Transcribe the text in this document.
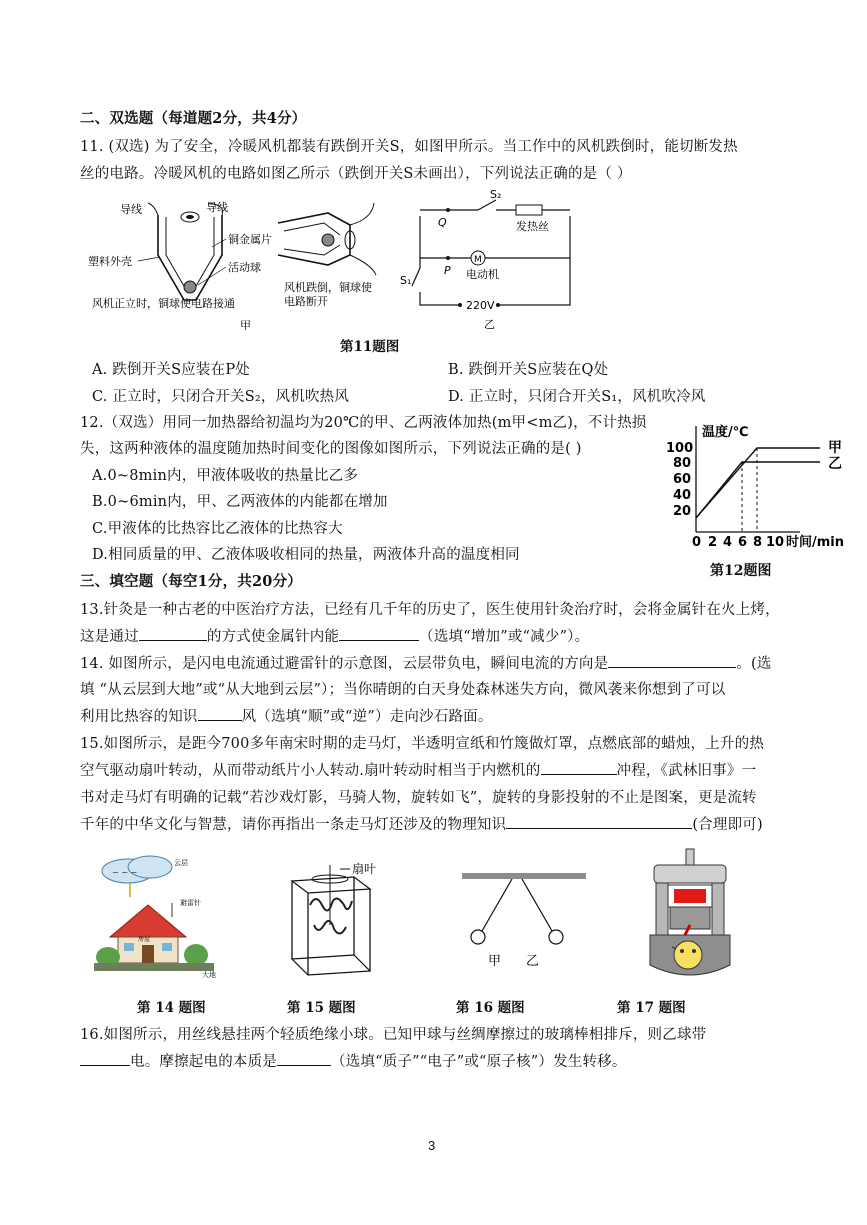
二、双选题（每道题2分，共4分）
11. (双选) 为了安全，冷暖风机都装有跌倒开关S，如图甲所示。当工作中的风机跌倒时，能切断发热
丝的电路。冷暖风机的电路如图乙所示（跌倒开关S未画出），下列说法正确的是（ ）
导线	导线
铜金属片
塑料外壳	活动球
风机正立时，铜球使电路接通
风机跌倒，铜球使
电路断开
甲
S₂
Q	发热丝
P
M
电动机
S₁
220V
乙
第11题图
A. 跌倒开关S应装在P处	B. 跌倒开关S应装在Q处
C. 正立时，只闭合开关S₂，风机吹热风	D. 正立时，只闭合开关S₁，风机吹冷风
12.（双选）用同一加热器给初温均为20℃的甲、乙两液体加热(m甲<m乙)，不计热损
失，这两种液体的温度随加热时间变化的图像如图所示，下列说法正确的是( )
A.0~8min内，甲液体吸收的热量比乙多
B.0~6min内，甲、乙两液体的内能都在增加
C.甲液体的比热容比乙液体的比热容大
D.相同质量的甲、乙液体吸收相同的热量，两液体升高的温度相同
温度/℃
100
80
60
40
20
0 2 4 6 8 10 时间/min
甲
乙
第12题图
三、填空题（每空1分，共20分）
13.针灸是一种古老的中医治疗方法，已经有几千年的历史了，医生使用针灸治疗时，会将金属针在火上烤，
这是通过	的方式使金属针内能	（选填“增加”或“减少”）。
14. 如图所示，是闪电电流通过避雷针的示意图，云层带负电，瞬间电流的方向是	。(选
填 “从云层到大地”或“从大地到云层”）；当你晴朗的白天身处森林迷失方向，微风袭来你想到了可以
利用比热容的知识	风（选填“顺”或“逆”）走向沙石路面。
15.如图所示，是距今700多年南宋时期的走马灯，半透明宣纸和竹篾做灯罩，点燃底部的蜡烛，上升的热
空气驱动扇叶转动，从而带动纸片小人转动.扇叶转动时相当于内燃机的	冲程，《武林旧事》一
书对走马灯有明确的记载“若沙戏灯影，马骑人物，旋转如飞”，旋转的身影投射的不止是图案，更是流转
千年的中华文化与智慧，请你再指出一条走马灯还涉及的物理知识	(合理即可)
− − −
云层
避雷针
房屋
大地
扇叶
甲 乙
第 14 题图	第 15 题图	第 16 题图	第 17 题图
16.如图所示，用丝线悬挂两个轻质绝缘小球。已知甲球与丝绸摩擦过的玻璃棒相排斥，则乙球带
电。摩擦起电的本质是	（选填“质子”“电子”或“原子核”）发生转移。
3
